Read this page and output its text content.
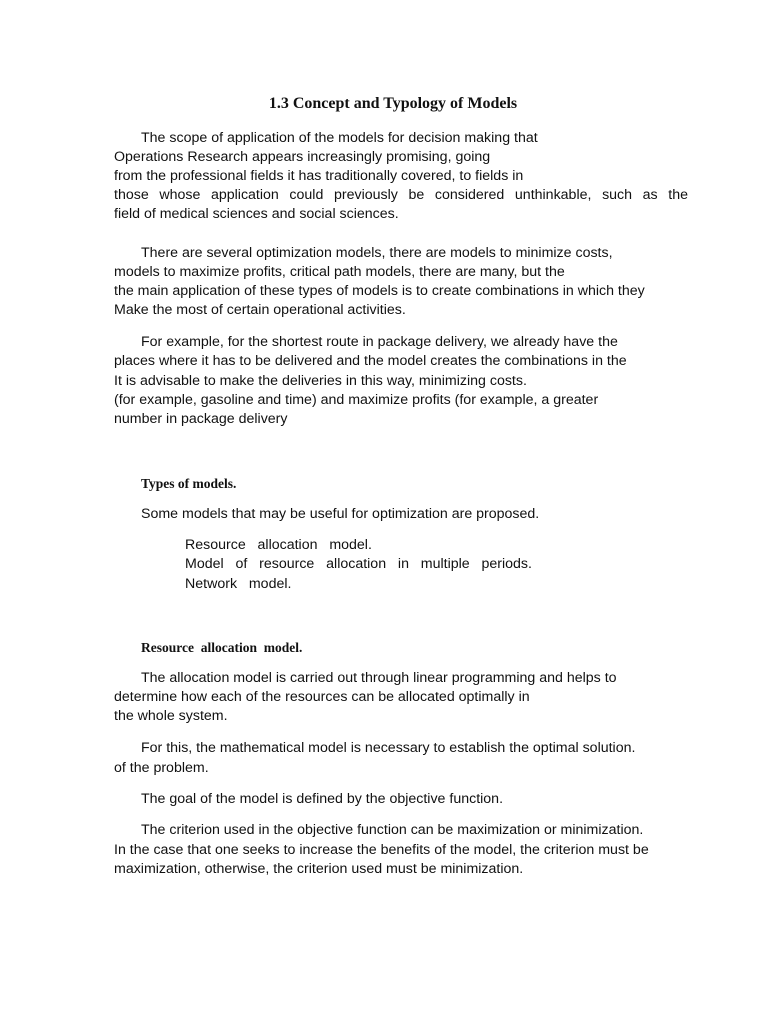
1.3 Concept and Typology of Models
The scope of application of the models for decision making that
Operations Research appears increasingly promising, going
from the professional fields it has traditionally covered, to fields in
those whose application could previously be considered unthinkable, such as the
field of medical sciences and social sciences.
There are several optimization models, there are models to minimize costs,
models to maximize profits, critical path models, there are many, but the
the main application of these types of models is to create combinations in which they
Make the most of certain operational activities.
For example, for the shortest route in package delivery, we already have the
places where it has to be delivered and the model creates the combinations in the
It is advisable to make the deliveries in this way, minimizing costs.
(for example, gasoline and time) and maximize profits (for example, a greater
number in package delivery
Types of models.
Some models that may be useful for optimization are proposed.
Resource   allocation   model.
Model   of   resource   allocation   in   multiple   periods.
Network   model.
Resource  allocation  model.
The allocation model is carried out through linear programming and helps to
determine how each of the resources can be allocated optimally in
the whole system.
For this, the mathematical model is necessary to establish the optimal solution.
of the problem.
The goal of the model is defined by the objective function.
The criterion used in the objective function can be maximization or minimization.
In the case that one seeks to increase the benefits of the model, the criterion must be
maximization, otherwise, the criterion used must be minimization.
